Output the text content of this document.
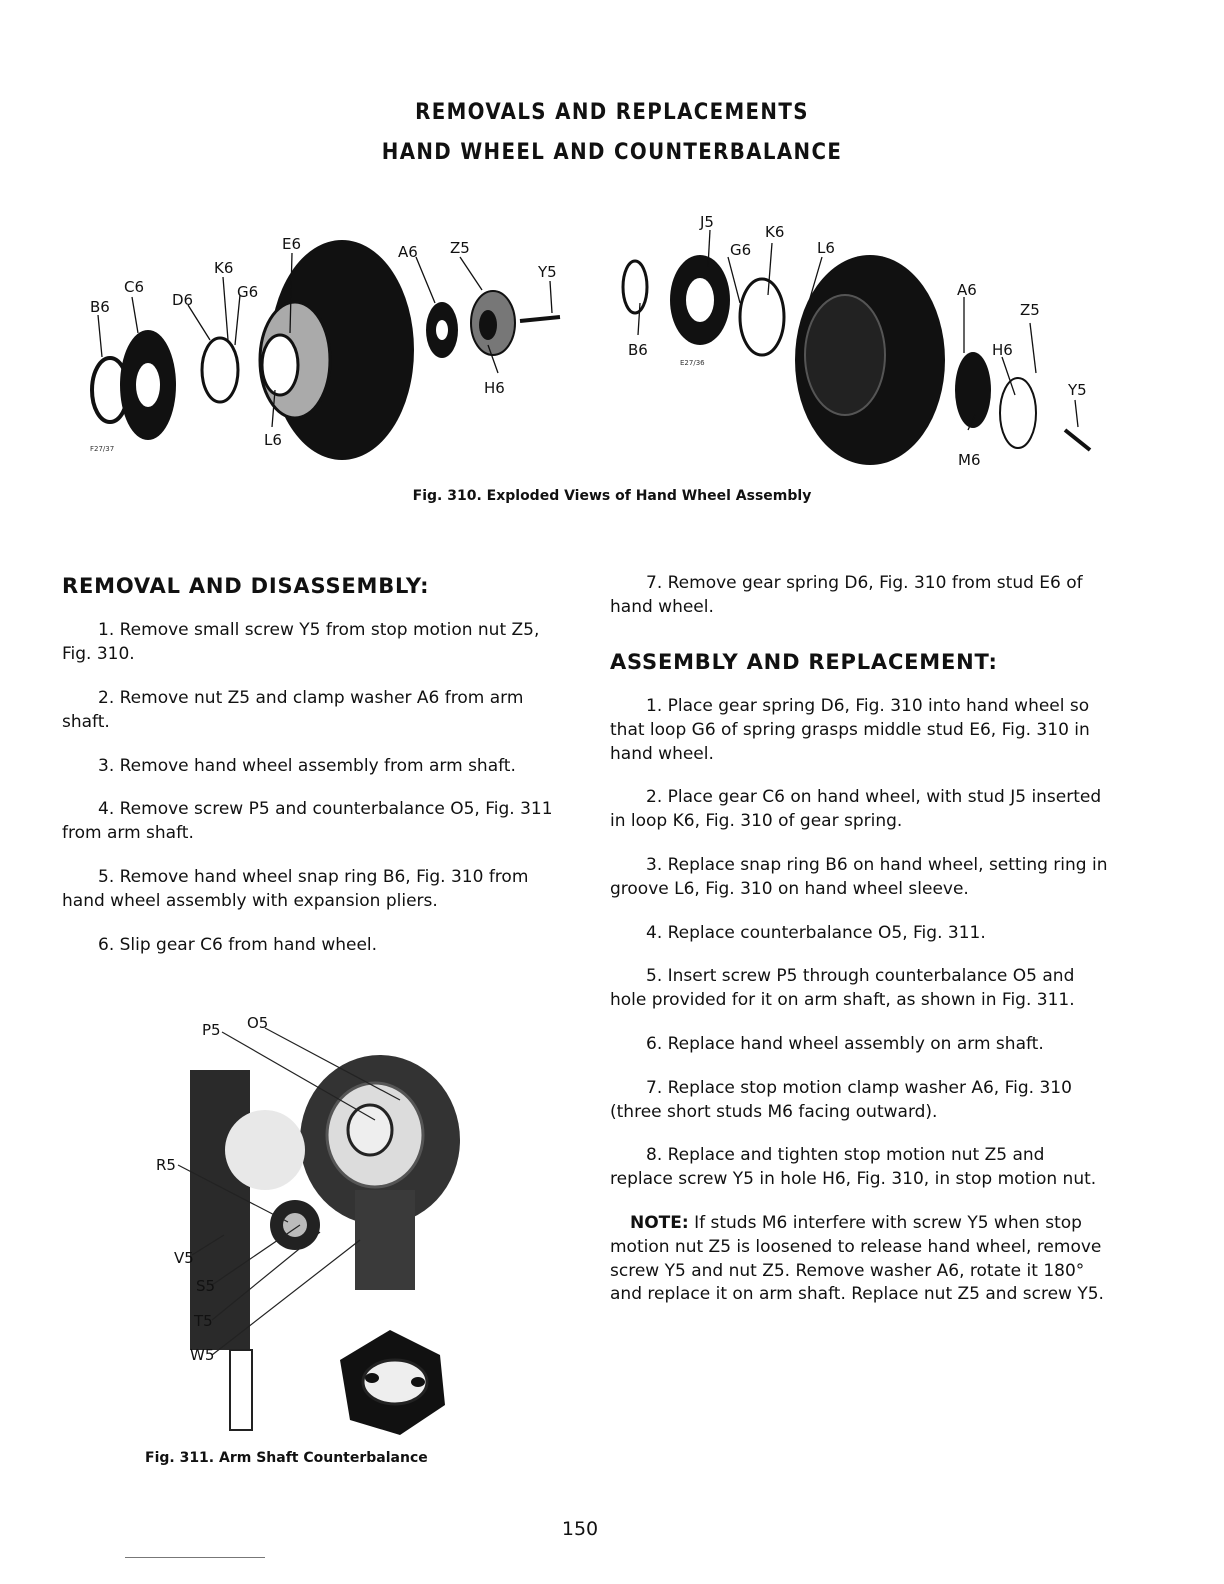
REMOVALS AND REPLACEMENTS
HAND WHEEL AND COUNTERBALANCE
B6
C6
D6
K6
G6
E6	A6 Z5
Y5
H6
L6
F27/37
J5
K6
G6	L6
A6
Z5
H6
Y5
B6
M6
E27/36
Fig. 310. Exploded Views of Hand Wheel Assembly
REMOVAL AND DISASSEMBLY:

1. Remove small screw Y5 from stop motion nut Z5, Fig. 310.

2. Remove nut Z5 and clamp washer A6 from arm shaft.

3. Remove hand wheel assembly from arm shaft.

4. Remove screw P5 and counterbalance O5, Fig. 311 from arm shaft.

5. Remove hand wheel snap ring B6, Fig. 310 from hand wheel assembly with expansion pliers.

6. Slip gear C6 from hand wheel.

P5 O5
R5
V5
S5
T5
W5
Fig. 311. Arm Shaft Counterbalance

7. Remove gear spring D6, Fig. 310 from stud E6 of hand wheel.

ASSEMBLY AND REPLACEMENT:

1. Place gear spring D6, Fig. 310 into hand wheel so that loop G6 of spring grasps middle stud E6, Fig. 310 in hand wheel.

2. Place gear C6 on hand wheel, with stud J5 inserted in loop K6, Fig. 310 of gear spring.

3. Replace snap ring B6 on hand wheel, setting ring in groove L6, Fig. 310 on hand wheel sleeve.

4. Replace counterbalance O5, Fig. 311.

5. Insert screw P5 through counterbalance O5 and hole provided for it on arm shaft, as shown in Fig. 311.

6. Replace hand wheel assembly on arm shaft.

7. Replace stop motion clamp washer A6, Fig. 310 (three short studs M6 facing outward).

8. Replace and tighten stop motion nut Z5 and replace screw Y5 in hole H6, Fig. 310, in stop motion nut.

NOTE: If studs M6 interfere with screw Y5 when stop motion nut Z5 is loosened to release hand wheel, remove screw Y5 and nut Z5. Remove washer A6, rotate it 180° and replace it on arm shaft. Replace nut Z5 and screw Y5.

150
